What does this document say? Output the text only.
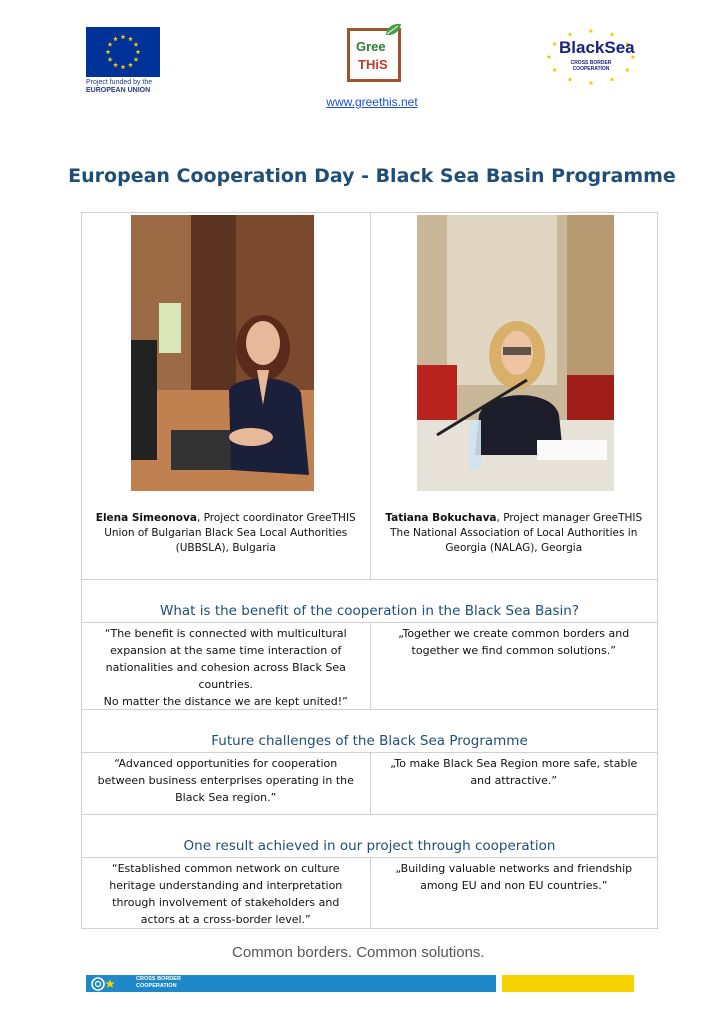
Project funded by the
EUROPEAN UNION
Gree
THiS
BlackSea
CROSS BORDER
COOPERATION
www.greethis.net
European Cooperation Day - Black Sea Basin Programme
Elena Simeonova, Project coordinator GreeTHIS
Union of Bulgarian Black Sea Local Authorities
(UBBSLA), Bulgaria
Tatiana Bokuchava, Project manager GreeTHIS
The National Association of Local Authorities in
Georgia (NALAG), Georgia
What is the benefit of the cooperation in the Black Sea Basin?
“The benefit is connected with multicultural
expansion at the same time interaction of
nationalities and cohesion across Black Sea
countries.
No matter the distance we are kept united!”
„Together we create common borders and
together we find common solutions.”
Future challenges of the Black Sea Programme
“Advanced opportunities for cooperation
between business enterprises operating in the
Black Sea region.”
„To make Black Sea Region more safe, stable
and attractive.”
One result achieved in our project through cooperation
“Established common network on culture
heritage understanding and interpretation
through involvement of stakeholders and
actors at a cross-border level.”
„Building valuable networks and friendship
among EU and non EU countries.”
Common borders. Common solutions.
CROSS BORDER
COOPERATION
